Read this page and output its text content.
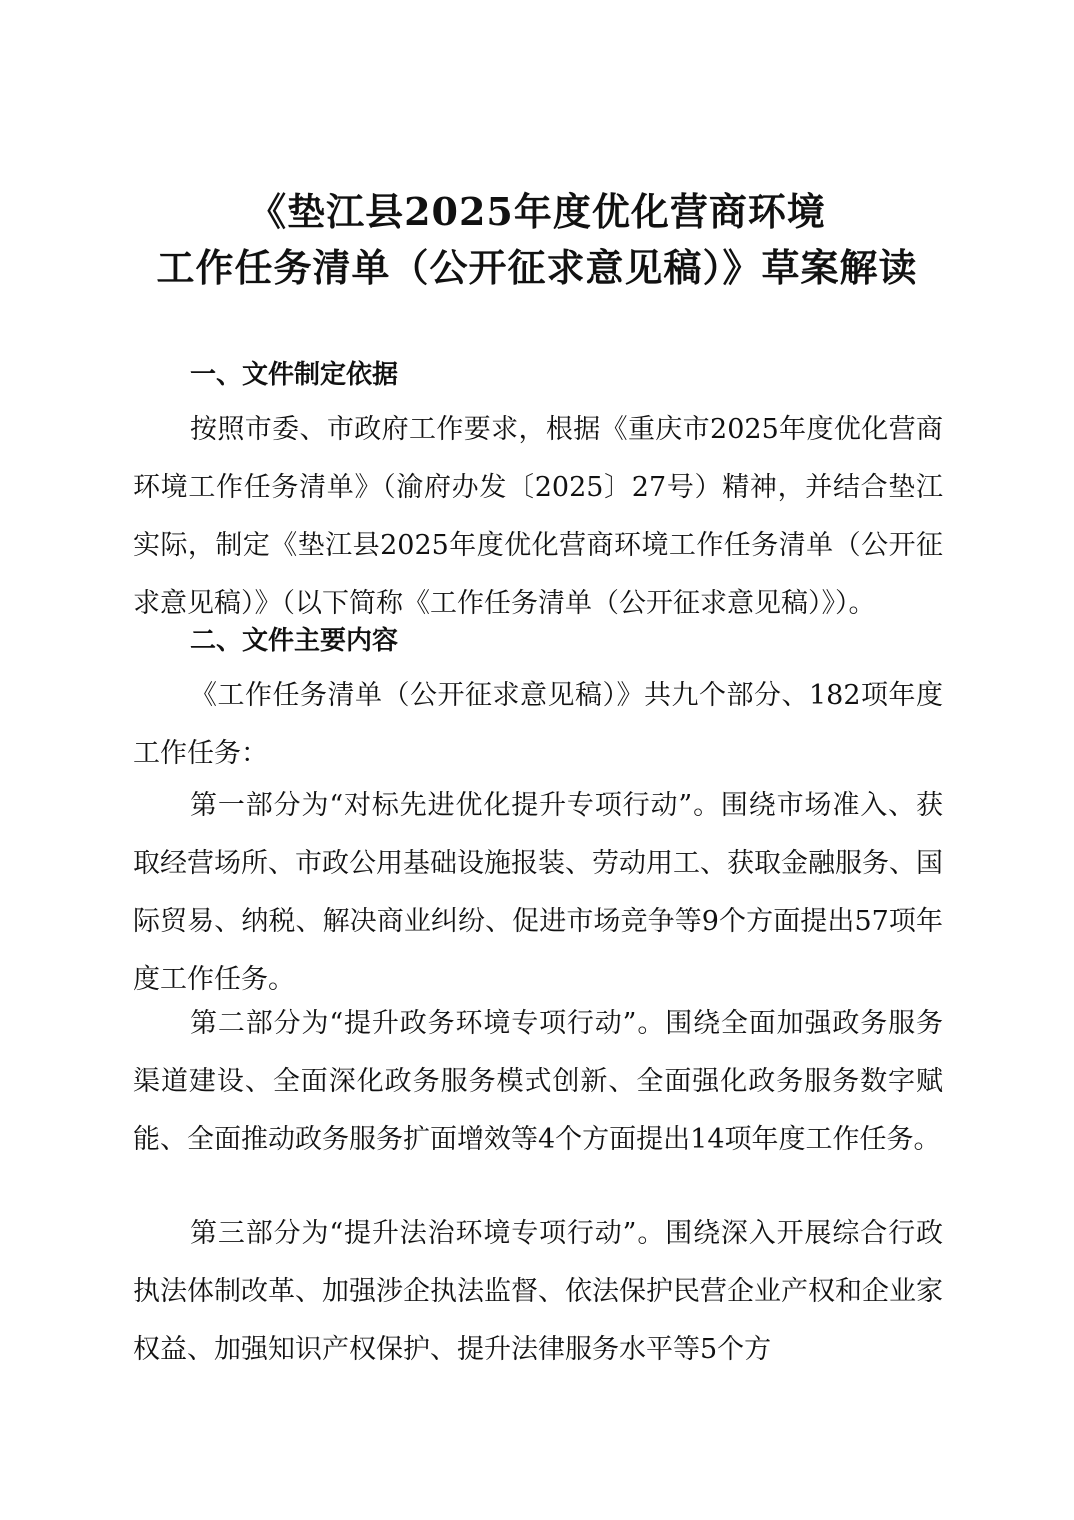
《垫江县2025年度优化营商环境
工作任务清单（公开征求意见稿）》草案解读
一、文件制定依据

按照市委、市政府工作要求，根据《重庆市2025年度优化营商环境工作任务清单》（渝府办发〔2025〕27号）精神，并结合垫江实际，制定《垫江县2025年度优化营商环境工作任务清单（公开征求意见稿）》（以下简称《工作任务清单（公开征求意见稿）》）。

二、文件主要内容

《工作任务清单（公开征求意见稿）》共九个部分、182项年度工作任务：

第一部分为“对标先进优化提升专项行动”。围绕市场准入、获取经营场所、市政公用基础设施报装、劳动用工、获取金融服务、国际贸易、纳税、解决商业纠纷、促进市场竞争等9个方面提出57项年度工作任务。

第二部分为“提升政务环境专项行动”。围绕全面加强政务服务渠道建设、全面深化政务服务模式创新、全面强化政务服务数字赋能、全面推动政务服务扩面增效等4个方面提出14项年度工作任务。

第三部分为“提升法治环境专项行动”。围绕深入开展综合行政执法体制改革、加强涉企执法监督、依法保护民营企业产权和企业家权益、加强知识产权保护、提升法律服务水平等5个方
